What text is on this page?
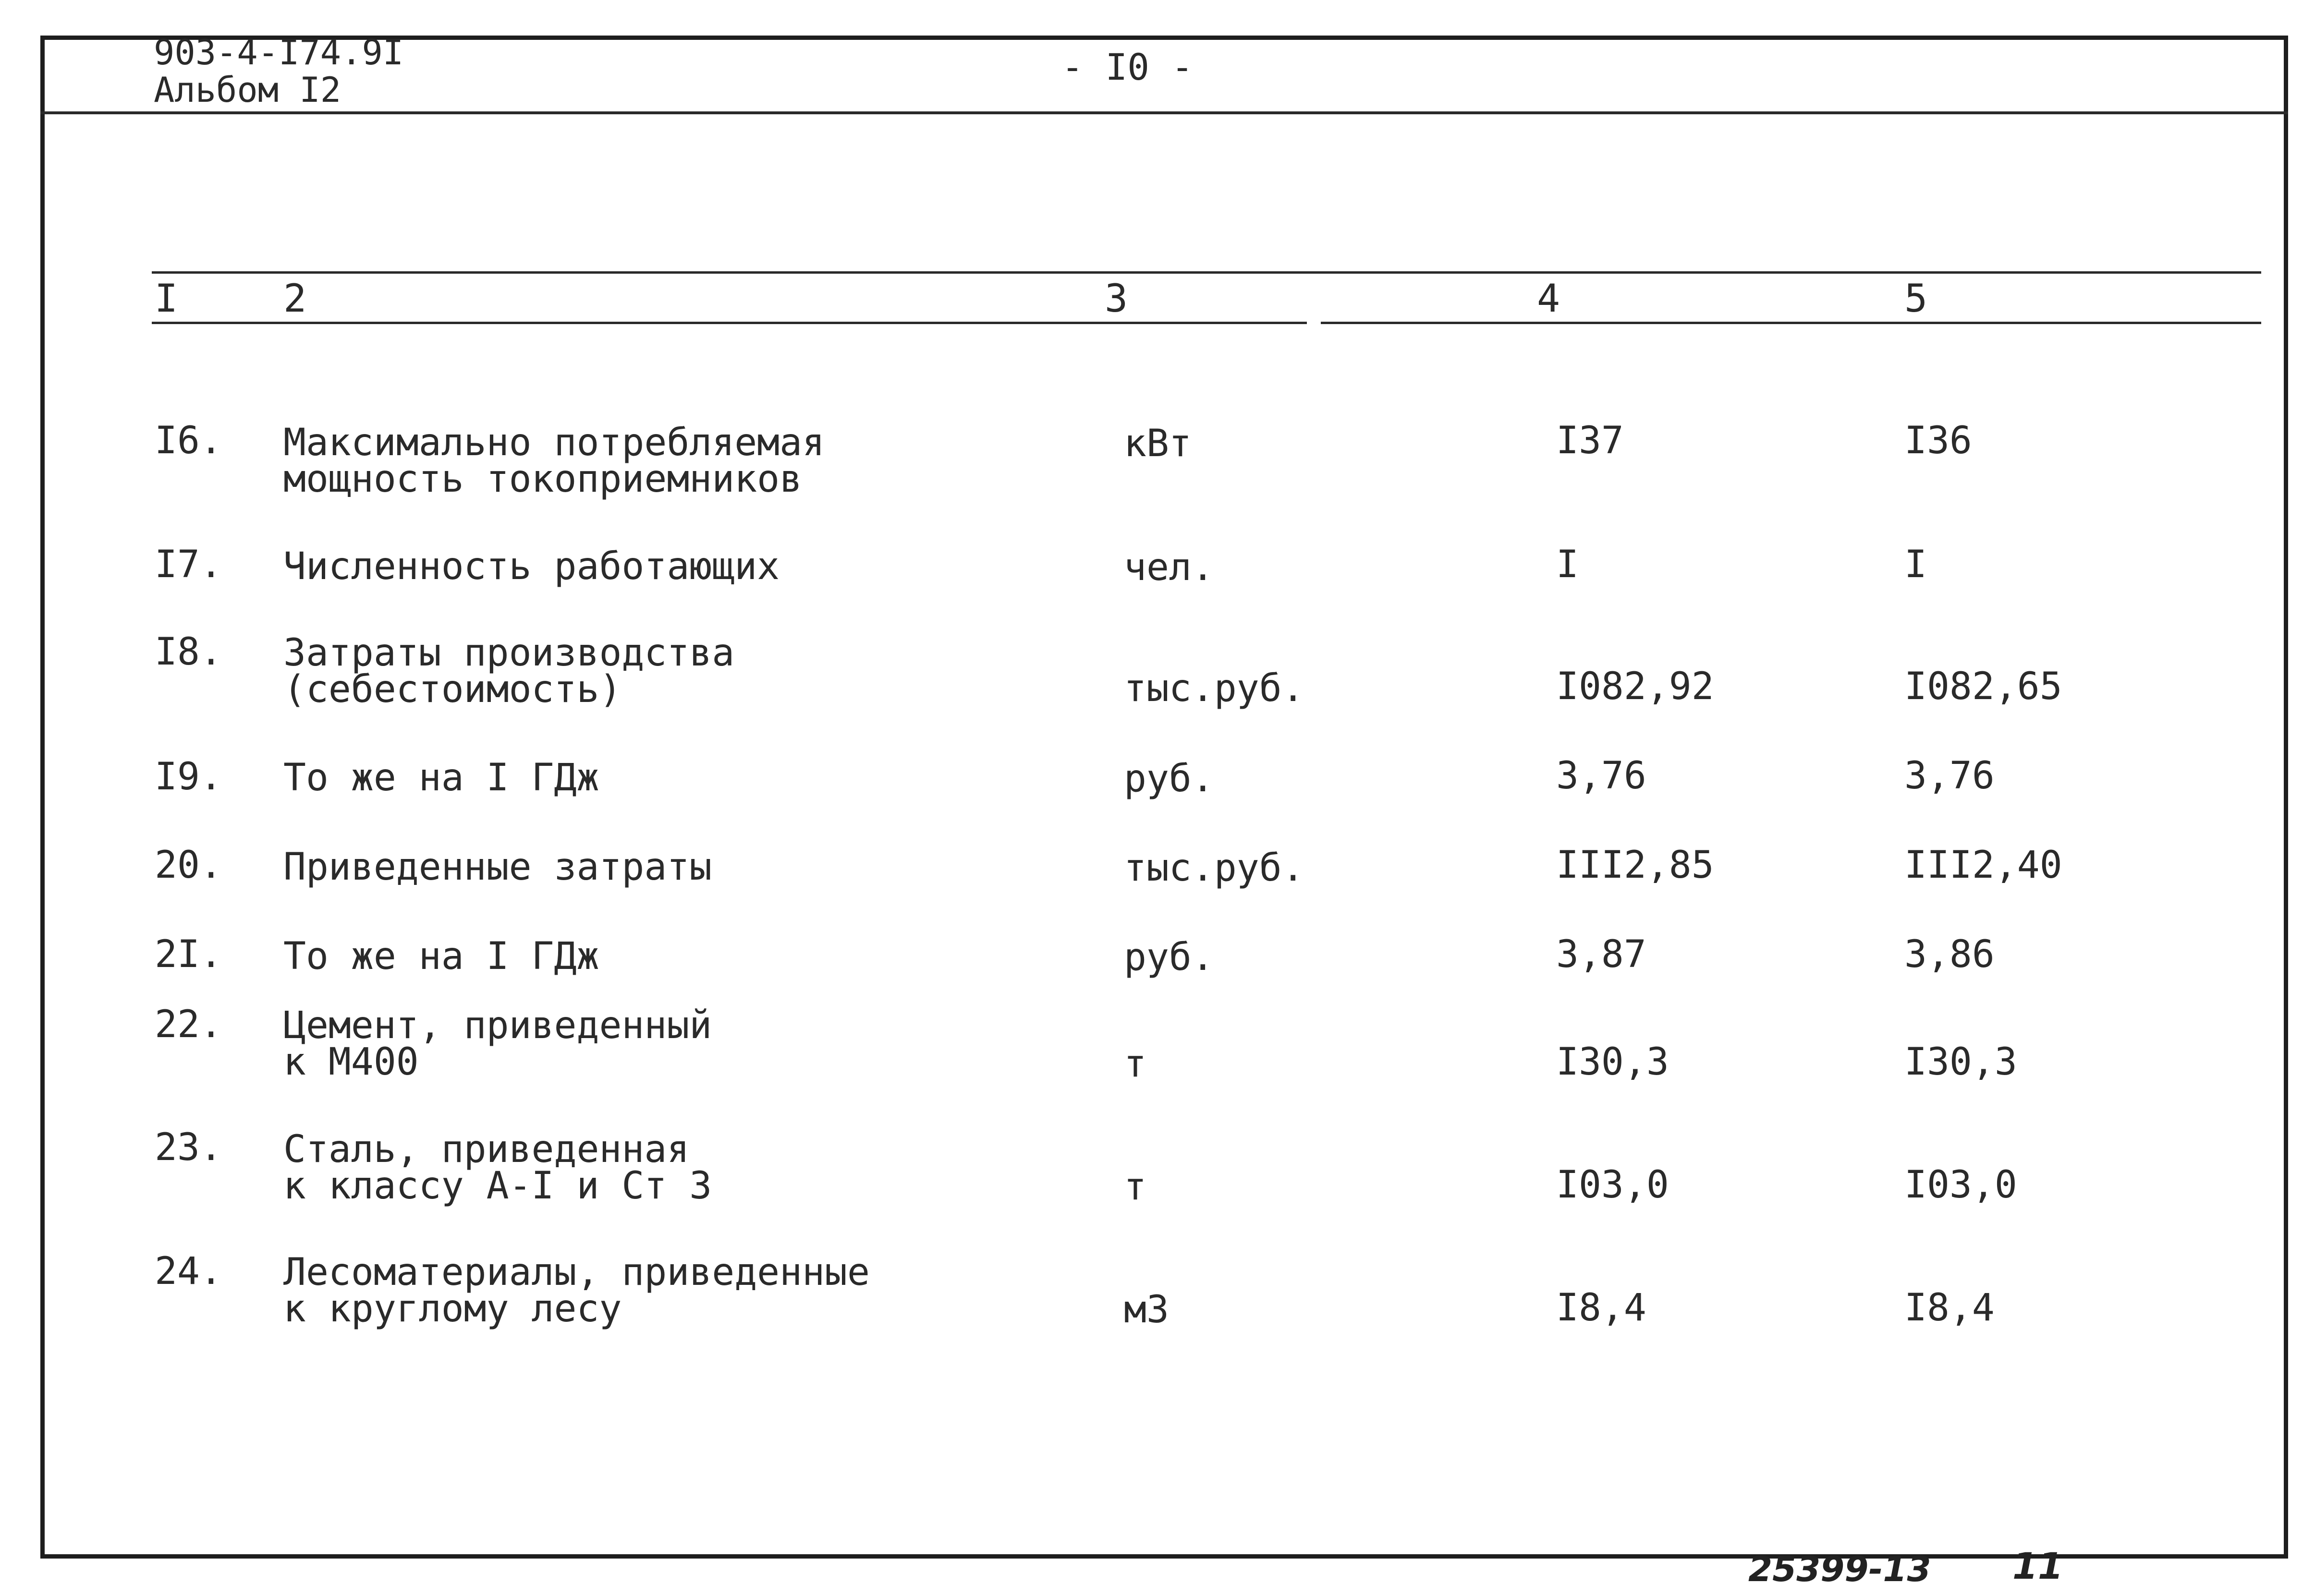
903-4-I74.9I
Альбом I2
- I0 -
I	2	3	4	5
I6. Максимально потребляемая
мощность токоприемников
кВт	I37	I36
I7. Численность работающих	чел.	I	I
I8. Затраты производства
(себестоимость)	тыс.руб.	I082,92	I082,65
I9. То же на I ГДж	руб.	3,76	3,76
20. Приведенные затраты	тыс.руб.	III2,85	III2,40
2I. То же на I ГДж	руб.	3,87	3,86
22. Цемент, приведенный
к М400	т	I30,3	I30,3
23. Сталь, приведенная
к классу А-I и Ст 3	т	I03,0	I03,0
24. Лесоматериалы, приведенные
к круглому лесу	м3	I8,4	I8,4
25399-13 11
